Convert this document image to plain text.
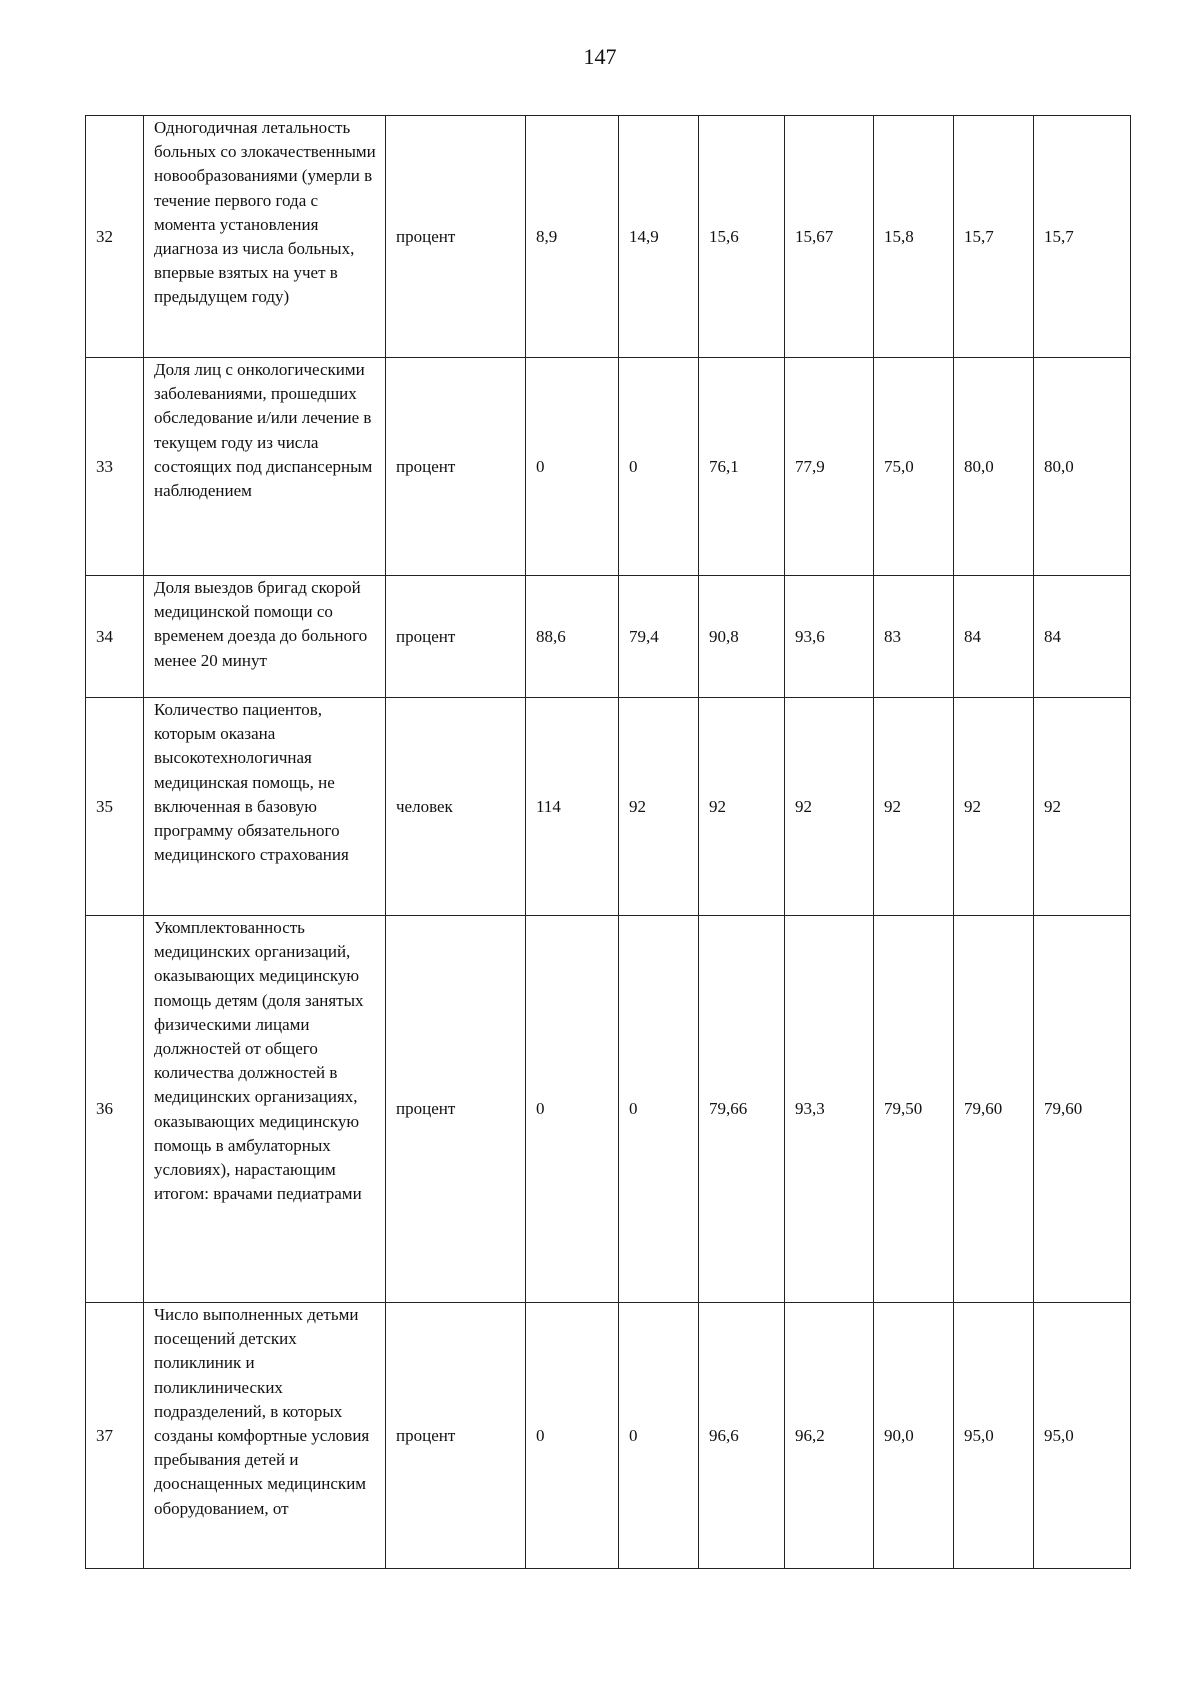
147
32	Одногодичная летальность больных со злокачественными новообразованиями (умерли в течение первого года с момента установления диагноза из числа больных, впервые взятых на учет в предыдущем году)	процент	8,9	14,9	15,6	15,67	15,8	15,7	15,7
33	Доля лиц с онкологическими заболеваниями, прошедших обследование и/или лечение в текущем году из числа состоящих под диспансерным наблюдением	процент	0	0	76,1	77,9	75,0	80,0	80,0
34	Доля выездов бригад скорой медицинской помощи со временем доезда до больного менее 20 минут	процент	88,6	79,4	90,8	93,6	83	84	84
35	Количество пациентов, которым оказана высокотехнологичная медицинская помощь, не включенная в базовую программу обязательного медицинского страхования	человек	114	92	92	92	92	92	92
36	Укомплектованность медицинских организаций, оказывающих медицинскую помощь детям (доля занятых физическими лицами должностей от общего количества должностей в медицинских организациях, оказывающих медицинскую помощь в амбулаторных условиях), нарастающим итогом: врачами педиатрами	процент	0	0	79,66	93,3	79,50	79,60	79,60
37	Число выполненных детьми посещений детских поликлиник и поликлинических подразделений, в которых созданы комфортные условия пребывания детей и дооснащенных медицинским оборудованием, от	процент	0	0	96,6	96,2	90,0	95,0	95,0
